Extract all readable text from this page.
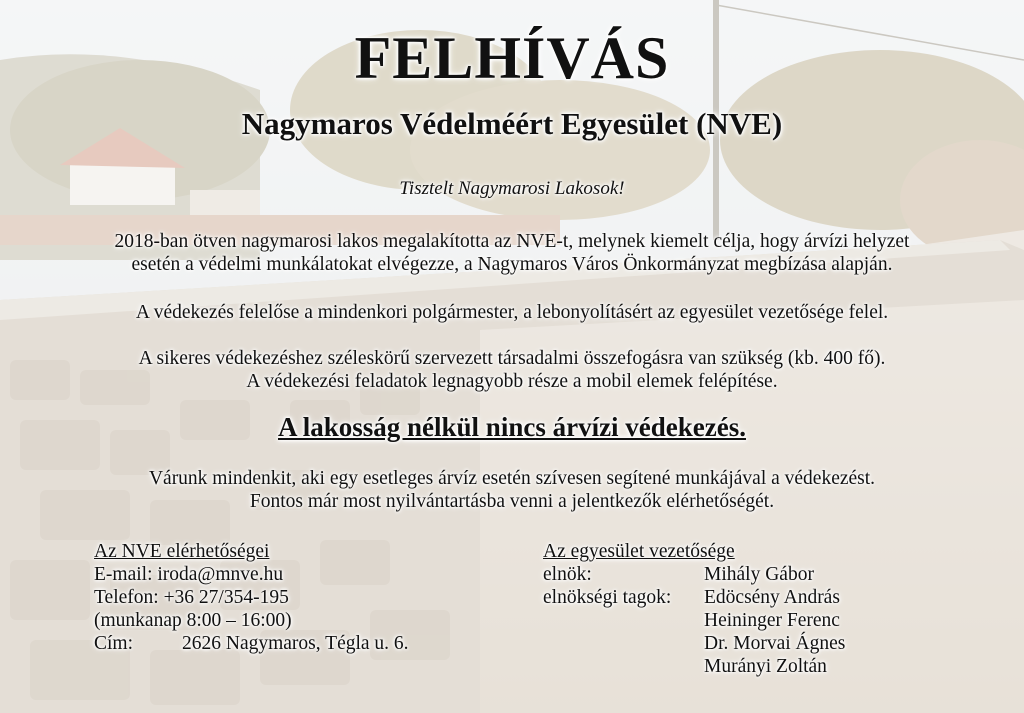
FELHÍVÁS
Nagymaros Védelméért Egyesület (NVE)
Tisztelt Nagymarosi Lakosok!
2018-ban ötven nagymarosi lakos megalakította az NVE-t, melynek kiemelt célja, hogy árvízi helyzet
esetén a védelmi munkálatokat elvégezze, a Nagymaros Város Önkormányzat megbízása alapján.
A védekezés felelőse a mindenkori polgármester, a lebonyolításért az egyesület vezetősége felel.
A sikeres védekezéshez széleskörű szervezett társadalmi összefogásra van szükség (kb. 400 fő).
A védekezési feladatok legnagyobb része a mobil elemek felépítése.
A lakosság nélkül nincs árvízi védekezés.
Várunk mindenkit, aki egy esetleges árvíz esetén szívesen segítené munkájával a védekezést.
Fontos már most nyilvántartásba venni a jelentkezők elérhetőségét.
Az NVE elérhetőségei
E-mail: iroda@mnve.hu
Telefon: +36 27/354-195
(munkanap 8:00 – 16:00)
Cím:	2626 Nagymaros, Tégla u. 6.
Az egyesület vezetősége
elnök:	Mihály Gábor
elnökségi tagok:	Edöcsény András
Heininger Ferenc
Dr. Morvai Ágnes
Murányi Zoltán
